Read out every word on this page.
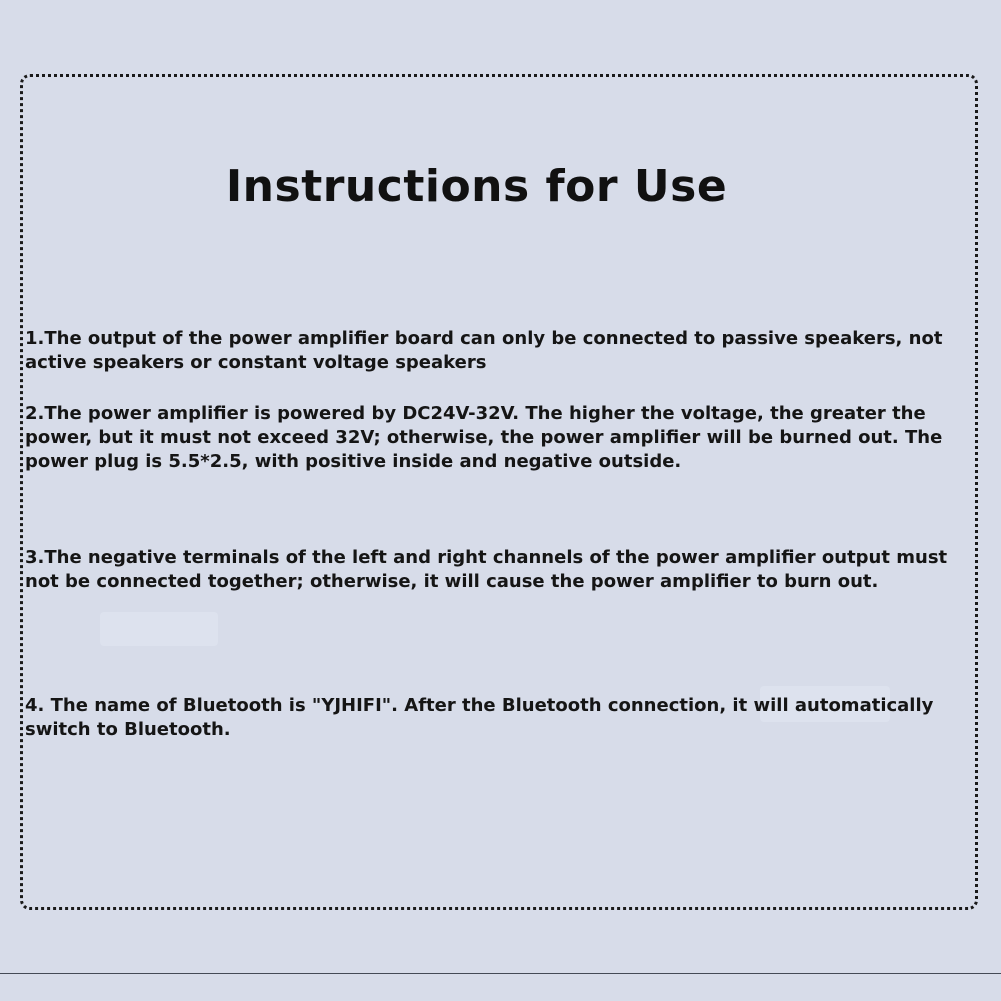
Instructions for Use

1.The output of the power amplifier board can only be connected to passive speakers, not active speakers or constant voltage speakers

2.The power amplifier is powered by DC24V-32V. The higher the voltage, the greater the power, but it must not exceed 32V; otherwise, the power amplifier will be burned out. The power plug is 5.5*2.5, with positive inside and negative outside.

3.The negative terminals of the left and right channels of the power amplifier output must not be connected together; otherwise, it will cause the power amplifier to burn out.

4. The name of Bluetooth is "YJHIFI". After the Bluetooth connection, it will automatically switch to Bluetooth.
